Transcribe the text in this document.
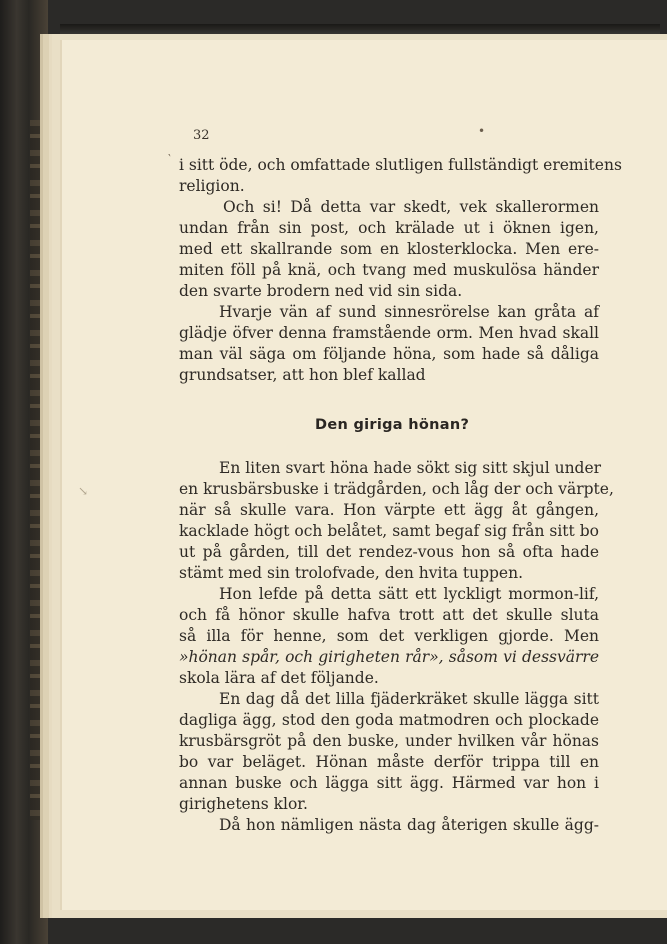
32	•
‵
↘
i sitt öde, och omfattade slutligen fullständigt eremitens
religion.
Och si! Då detta var skedt, vek skallerormen
undan från sin post, och krälade ut i öknen igen,
med ett skallrande som en klosterklocka. Men ere-
miten föll på knä, och tvang med muskulösa händer
den svarte brodern ned vid sin sida.
Hvarje vän af sund sinnesrörelse kan gråta af
glädje öfver denna framstående orm. Men hvad skall
man väl säga om följande höna, som hade så dåliga
grundsatser, att hon blef kallad
Den giriga hönan?
En liten svart höna hade sökt sig sitt skjul under
en krusbärsbuske i trädgården, och låg der och värpte,
när så skulle vara. Hon värpte ett ägg åt gången,
kacklade högt och belåtet, samt begaf sig från sitt bo
ut på gården, till det rendez-vous hon så ofta hade
stämt med sin trolofvade, den hvita tuppen.
Hon lefde på detta sätt ett lyckligt mormon-lif,
och få hönor skulle hafva trott att det skulle sluta
så illa för henne, som det verkligen gjorde. Men
»hönan spår, och girigheten rår», såsom vi dessvärre
skola lära af det följande.
En dag då det lilla fjäderkräket skulle lägga sitt
dagliga ägg, stod den goda matmodren och plockade
krusbärsgröt på den buske, under hvilken vår hönas
bo var beläget. Hönan måste derför trippa till en
annan buske och lägga sitt ägg. Härmed var hon i
girighetens klor.
Då hon nämligen nästa dag återigen skulle ägg-
